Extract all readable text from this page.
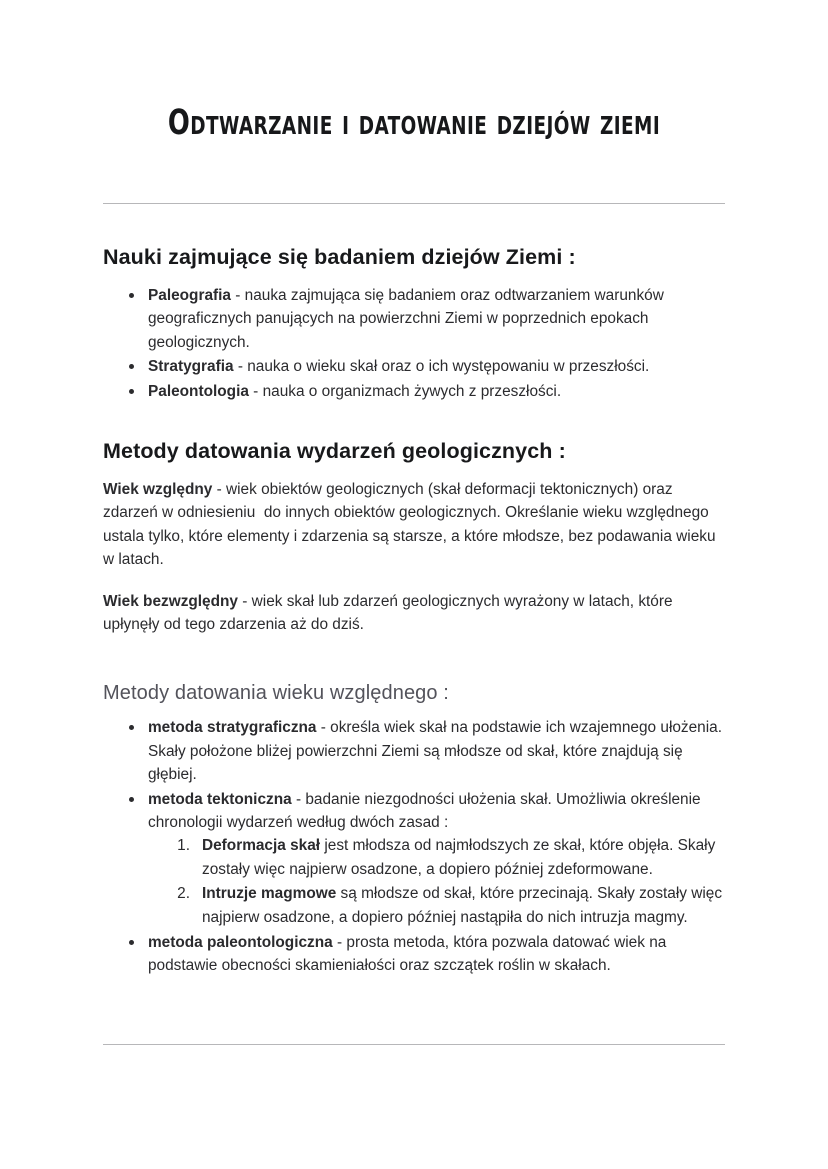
Odtwarzanie i datowanie dziejów ziemi
Nauki zajmujące się badaniem dziejów Ziemi :
Paleografia - nauka zajmująca się badaniem oraz odtwarzaniem warunków geograficznych panujących na powierzchni Ziemi w poprzednich epokach geologicznych.
Stratygrafia - nauka o wieku skał oraz o ich występowaniu w przeszłości.
Paleontologia - nauka o organizmach żywych z przeszłości.
Metody datowania wydarzeń geologicznych :

Wiek względny - wiek obiektów geologicznych (skał deformacji tektonicznych) oraz zdarzeń w odniesieniu  do innych obiektów geologicznych. Określanie wieku względnego ustala tylko, które elementy i zdarzenia są starsze, a które młodsze, bez podawania wieku w latach.

Wiek bezwzględny - wiek skał lub zdarzeń geologicznych wyrażony w latach, które upłynęły od tego zdarzenia aż do dziś.

Metody datowania wieku względnego :
metoda stratygraficzna - określa wiek skał na podstawie ich wzajemnego ułożenia. Skały położone bliżej powierzchni Ziemi są młodsze od skał, które znajdują się głębiej.
metoda tektoniczna - badanie niezgodności ułożenia skał. Umożliwia określenie chronologii wydarzeń według dwóch zasad :
Deformacja skał jest młodsza od najmłodszych ze skał, które objęła. Skały zostały więc najpierw osadzone, a dopiero później zdeformowane.
Intruzje magmowe są młodsze od skał, które przecinają. Skały zostały więc najpierw osadzone, a dopiero później nastąpiła do nich intruzja magmy.
metoda paleontologiczna - prosta metoda, która pozwala datować wiek na podstawie obecności skamieniałości oraz szczątek roślin w skałach.
